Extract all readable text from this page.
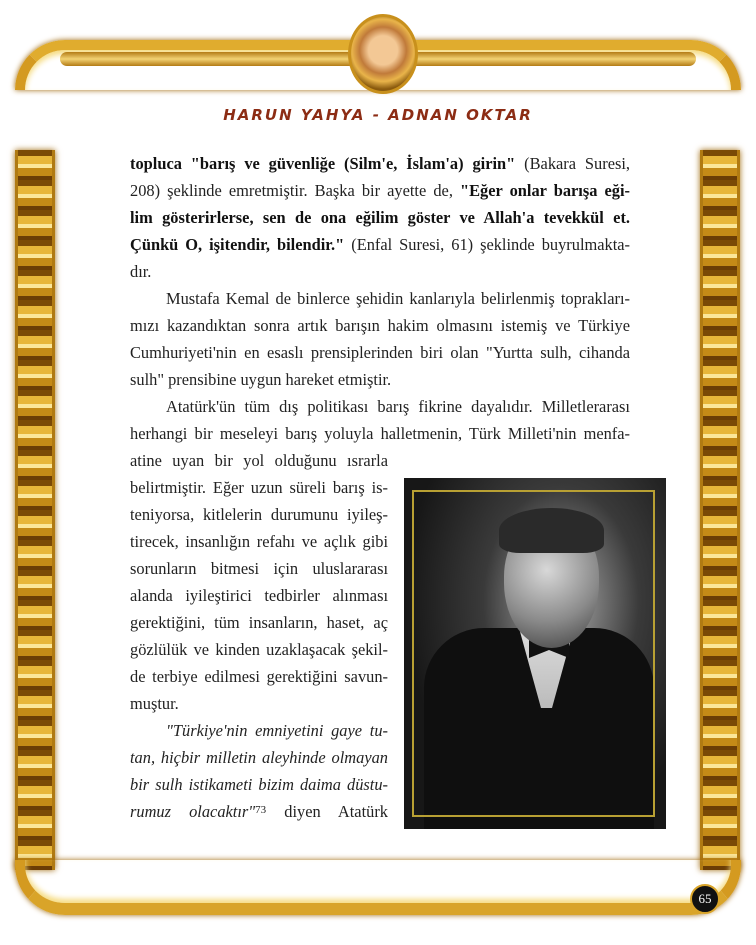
HARUN YAHYA - ADNAN OKTAR
topluca "barış ve güvenliğe (Silm'e, İslam'a) girin" (Bakara Suresi,
208) şeklinde emretmiştir. Başka bir ayette de, "Eğer onlar barışa eği-
lim gösterirlerse, sen de ona eğilim göster ve Allah'a tevekkül et.
Çünkü O, işitendir, bilendir." (Enfal Suresi, 61) şeklinde buyrulmakta-
dır.
Mustafa Kemal de binlerce şehidin kanlarıyla belirlenmiş toprakları-
mızı kazandıktan sonra artık barışın hakim olmasını istemiş ve Türkiye
Cumhuriyeti'nin en esaslı prensiplerinden biri olan "Yurtta sulh, cihanda
sulh" prensibine uygun hareket etmiştir.
Atatürk'ün tüm dış politikası barış fikrine dayalıdır. Milletlerarası
herhangi bir meseleyi barış yoluyla halletmenin, Türk Milleti'nin menfa-
atine uyan bir yol olduğunu ısrarla
belirtmiştir. Eğer uzun süreli barış is-
teniyorsa, kitlelerin durumunu iyileş-
tirecek, insanlığın refahı ve açlık gibi
sorunların bitmesi için uluslararası
alanda iyileştirici tedbirler alınması
gerektiğini, tüm insanların, haset, aç
gözlülük ve kinden uzaklaşacak şekil-
de terbiye edilmesi gerektiğini savun-
muştur.
"Türkiye'nin emniyetini gaye tu-
tan, hiçbir milletin aleyhinde olmayan
bir sulh istikameti bizim daima düstu-
rumuz olacaktır"$^{73}$ diyen Atatürk
65
